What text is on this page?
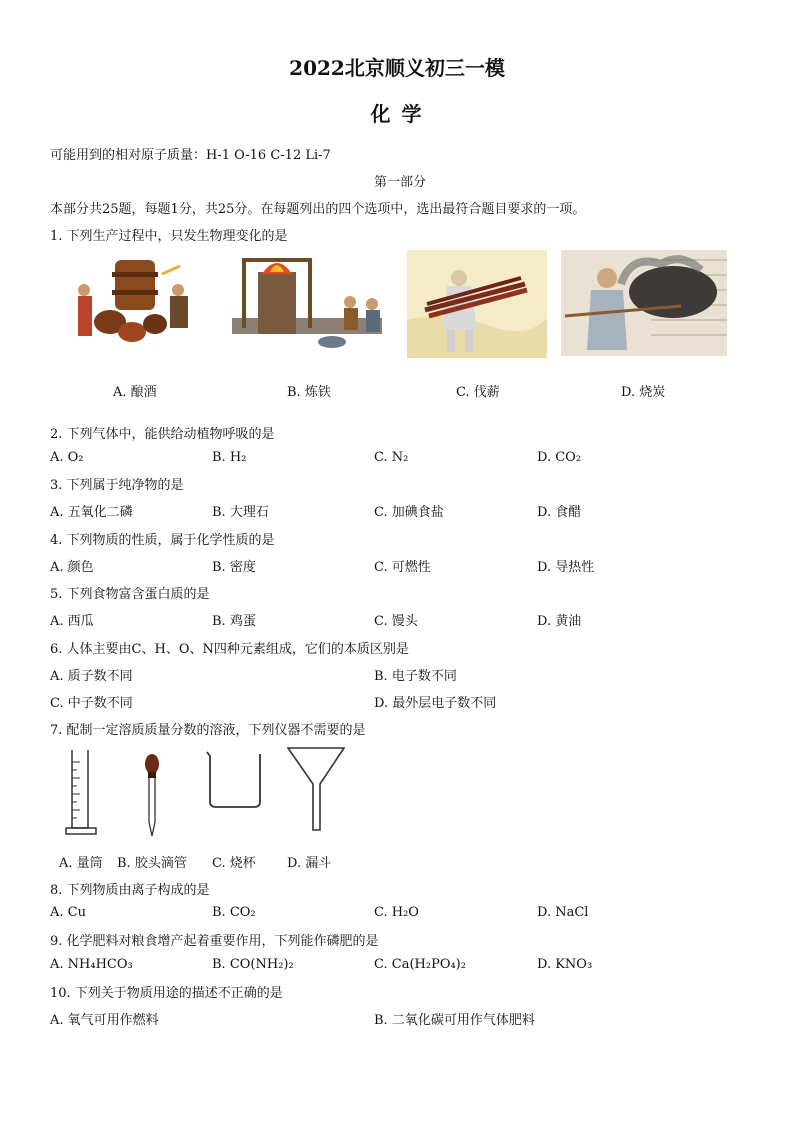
2022北京顺义初三一模
化 学
可能用到的相对原子质量：H-1 O-16 C-12 Li-7
第一部分
本部分共25题，每题1分，共25分。在每题列出的四个选项中，选出最符合题目要求的一项。
1. 下列生产过程中，只发生物理变化的是
A. 酿酒	B. 炼铁	C. 伐薪	D. 烧炭
2. 下列气体中，能供给动植物呼吸的是
A. O₂	B. H₂	C. N₂	D. CO₂
3. 下列属于纯净物的是
A. 五氧化二磷	B. 大理石	C. 加碘食盐	D. 食醋
4. 下列物质的性质，属于化学性质的是
A. 颜色	B. 密度	C. 可燃性	D. 导热性
5. 下列食物富含蛋白质的是
A. 西瓜	B. 鸡蛋	C. 馒头	D. 黄油
6. 人体主要由C、H、O、N四种元素组成，它们的本质区别是
A. 质子数不同	B. 电子数不同
C. 中子数不同	D. 最外层电子数不同
7. 配制一定溶质质量分数的溶液，下列仪器不需要的是
A. 量筒 B. 胶头滴管 C. 烧杯 D. 漏斗
8. 下列物质由离子构成的是
A. Cu	B. CO₂	C. H₂O	D. NaCl
9. 化学肥料对粮食增产起着重要作用，下列能作磷肥的是
A. NH₄HCO₃	B. CO(NH₂)₂	C. Ca(H₂PO₄)₂	D. KNO₃
10. 下列关于物质用途的描述不正确的是
A. 氧气可用作燃料	B. 二氧化碳可用作气体肥料
